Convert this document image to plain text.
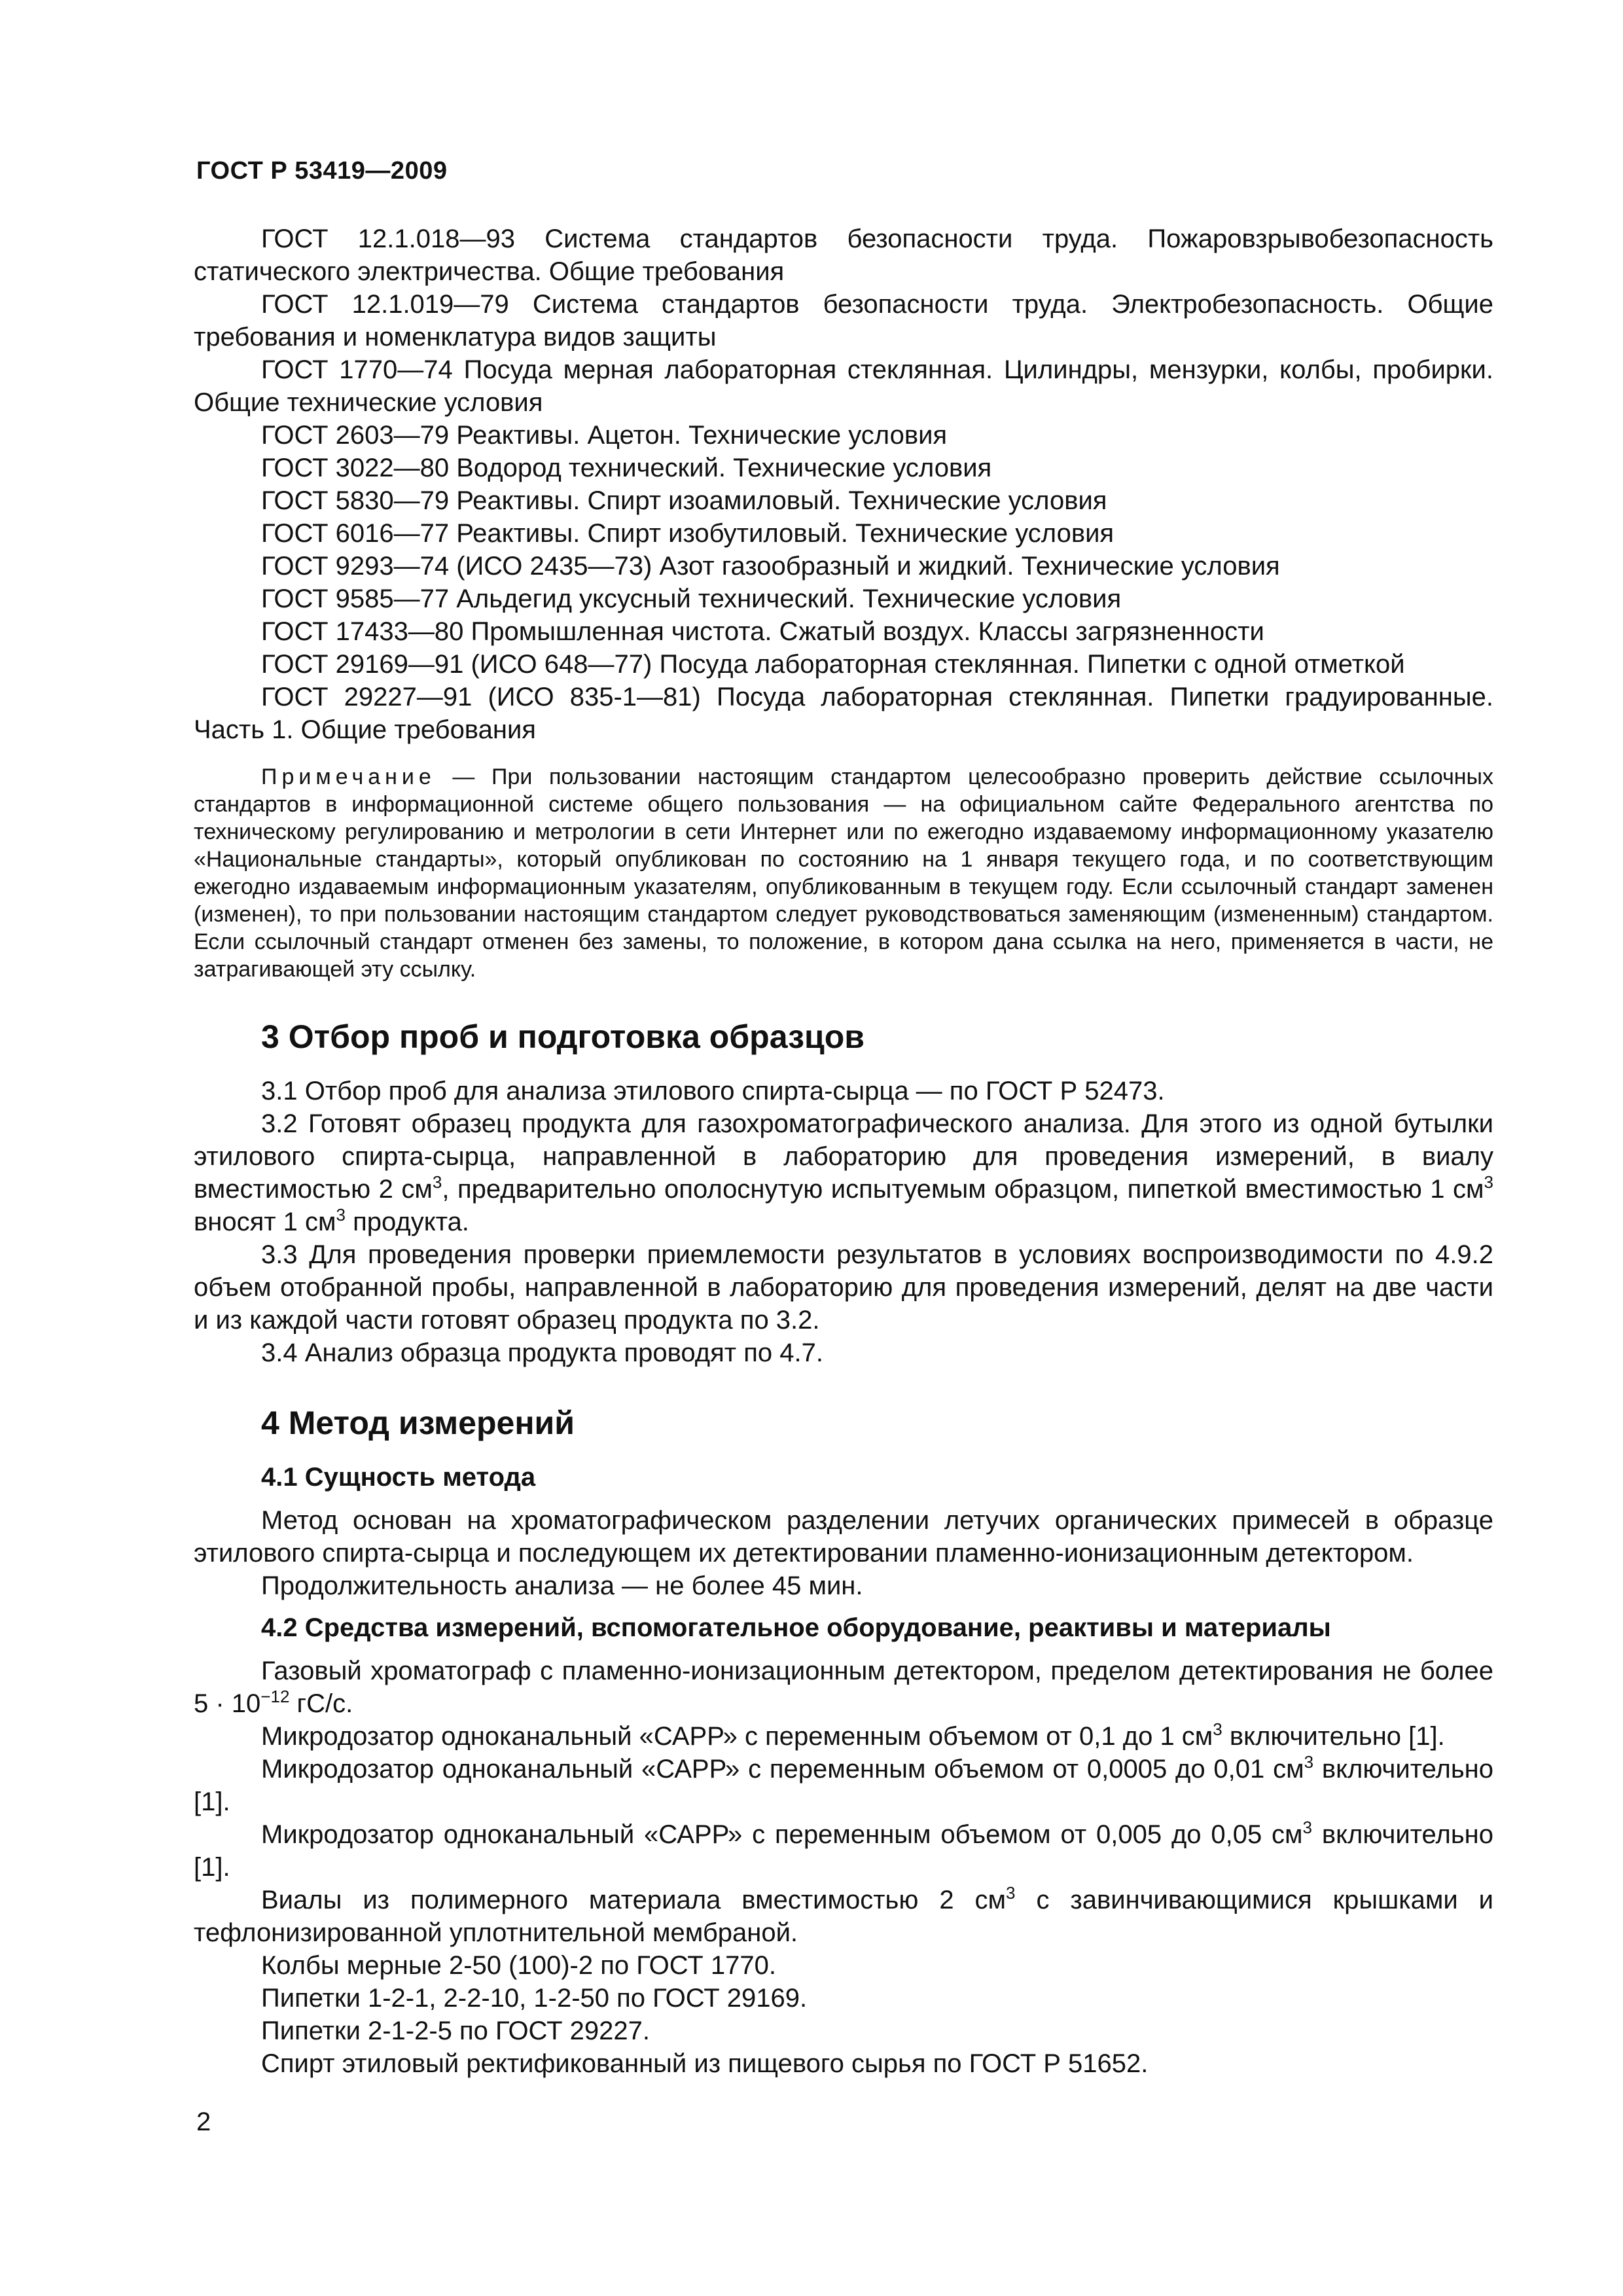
ГОСТ Р 53419—2009

ГОСТ 12.1.018—93 Система стандартов безопасности труда. Пожаровзрывобезопасность статического электричества. Общие требования

ГОСТ 12.1.019—79 Система стандартов безопасности труда. Электробезопасность. Общие требования и номенклатура видов защиты

ГОСТ 1770—74 Посуда мерная лабораторная стеклянная. Цилиндры, мензурки, колбы, пробирки. Общие технические условия

ГОСТ 2603—79 Реактивы. Ацетон. Технические условия

ГОСТ 3022—80 Водород технический. Технические условия

ГОСТ 5830—79 Реактивы. Спирт изоамиловый. Технические условия

ГОСТ 6016—77 Реактивы. Спирт изобутиловый. Технические условия

ГОСТ 9293—74 (ИСО 2435—73) Азот газообразный и жидкий. Технические условия

ГОСТ 9585—77 Альдегид уксусный технический. Технические условия

ГОСТ 17433—80 Промышленная чистота. Сжатый воздух. Классы загрязненности

ГОСТ 29169—91 (ИСО 648—77) Посуда лабораторная стеклянная. Пипетки с одной отметкой

ГОСТ 29227—91 (ИСО 835-1—81) Посуда лабораторная стеклянная. Пипетки градуированные. Часть 1. Общие требования

Примечание — При пользовании настоящим стандартом целесообразно проверить действие ссылочных стандартов в информационной системе общего пользования — на официальном сайте Федерального агентства по техническому регулированию и метрологии в сети Интернет или по ежегодно издаваемому информационному указателю «Национальные стандарты», который опубликован по состоянию на 1 января текущего года, и по соответствующим ежегодно издаваемым информационным указателям, опубликованным в текущем году. Если ссылочный стандарт заменен (изменен), то при пользовании настоящим стандартом следует руководствоваться заменяющим (измененным) стандартом. Если ссылочный стандарт отменен без замены, то положение, в котором дана ссылка на него, применяется в части, не затрагивающей эту ссылку.

3 Отбор проб и подготовка образцов

3.1 Отбор проб для анализа этилового спирта-сырца — по ГОСТ Р 52473.

3.2 Готовят образец продукта для газохроматографического анализа. Для этого из одной бутылки этилового спирта-сырца, направленной в лабораторию для проведения измерений, в виалу вместимостью 2 $см^3$, предварительно ополоснутую испытуемым образцом, пипеткой вместимостью 1 $см^3$ вносят 1 $см^3$ продукта.

3.3 Для проведения проверки приемлемости результатов в условиях воспроизводимости по 4.9.2 объем отобранной пробы, направленной в лабораторию для проведения измерений, делят на две части и из каждой части готовят образец продукта по 3.2.

3.4 Анализ образца продукта проводят по 4.7.

4 Метод измерений
4.1 Сущность метода

Метод основан на хроматографическом разделении летучих органических примесей в образце этилового спирта-сырца и последующем их детектировании пламенно-ионизационным детектором.

Продолжительность анализа — не более 45 мин.

4.2 Средства измерений, вспомогательное оборудование, реактивы и материалы

Газовый хроматограф с пламенно-ионизационным детектором, пределом детектирования не более $5 \cdot 10^{-12}$ гС/с.

Микродозатор одноканальный «САРР» с переменным объемом от 0,1 до 1 $см^3$ включительно [1].

Микродозатор одноканальный «САРР» с переменным объемом от 0,0005 до 0,01 $см^3$ включительно [1].

Микродозатор одноканальный «САРР» с переменным объемом от 0,005 до 0,05 $см^3$ включительно [1].

Виалы из полимерного материала вместимостью 2 $см^3$ с завинчивающимися крышками и тефлонизированной уплотнительной мембраной.

Колбы мерные 2-50 (100)-2 по ГОСТ 1770.

Пипетки 1-2-1, 2-2-10, 1-2-50 по ГОСТ 29169.

Пипетки 2-1-2-5 по ГОСТ 29227.

Спирт этиловый ректификованный из пищевого сырья по ГОСТ Р 51652.

2
